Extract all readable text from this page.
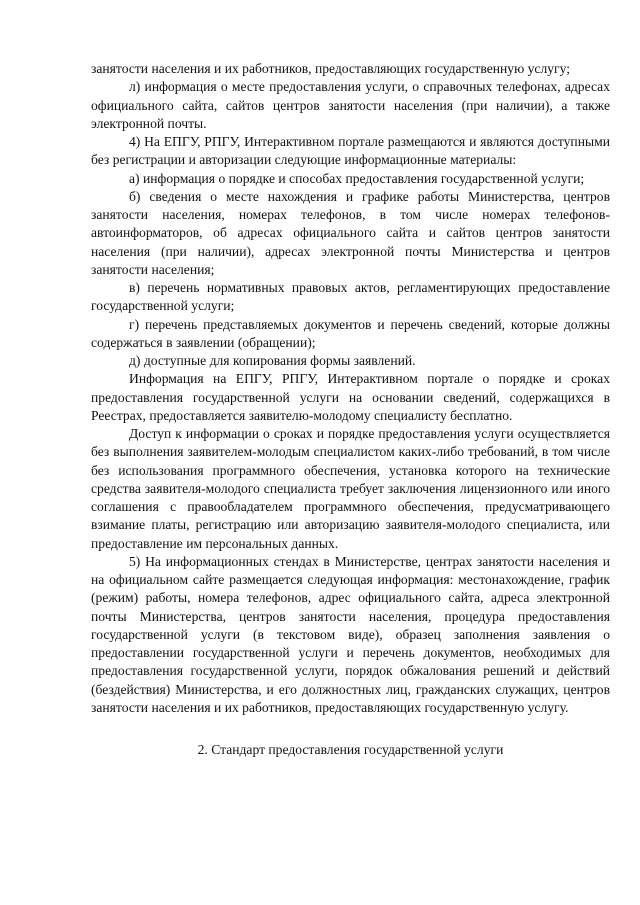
занятости населения и их работников, предоставляющих государственную услугу;

л) информация о месте предоставления услуги, о справочных телефонах, адресах официального сайта, сайтов центров занятости населения (при наличии), а также электронной почты.

4) На ЕПГУ, РПГУ, Интерактивном портале размещаются и являются доступными без регистрации и авторизации следующие информационные материалы:

а) информация о порядке и способах предоставления государственной услуги;

б) сведения о месте нахождения и графике работы Министерства, центров занятости населения, номерах телефонов, в том числе номерах телефонов-автоинформаторов, об адресах официального сайта и сайтов центров занятости населения (при наличии), адресах электронной почты Министерства и центров занятости населения;

в) перечень нормативных правовых актов, регламентирующих предоставление государственной услуги;

г) перечень представляемых документов и перечень сведений, которые должны содержаться в заявлении (обращении);

д) доступные для копирования формы заявлений.

Информация на ЕПГУ, РПГУ, Интерактивном портале о порядке и сроках предоставления государственной услуги на основании сведений, содержащихся в Реестрах, предоставляется заявителю-молодому специалисту бесплатно.

Доступ к информации о сроках и порядке предоставления услуги осуществляется без выполнения заявителем-молодым специалистом каких-либо требований, в том числе без использования программного обеспечения, установка которого на технические средства заявителя-молодого специалиста требует заключения лицензионного или иного соглашения с правообладателем программного обеспечения, предусматривающего взимание платы, регистрацию или авторизацию заявителя-молодого специалиста, или предоставление им персональных данных.

5) На информационных стендах в Министерстве, центрах занятости населения и на официальном сайте размещается следующая информация: местонахождение, график (режим) работы, номера телефонов, адрес официального сайта, адреса электронной почты Министерства, центров занятости населения, процедура предоставления государственной услуги (в текстовом виде), образец заполнения заявления о предоставлении государственной услуги и перечень документов, необходимых для предоставления государственной услуги, порядок обжалования решений и действий (бездействия) Министерства, и его должностных лиц, гражданских служащих, центров занятости населения и их работников, предоставляющих государственную услугу.

2. Стандарт предоставления государственной услуги
